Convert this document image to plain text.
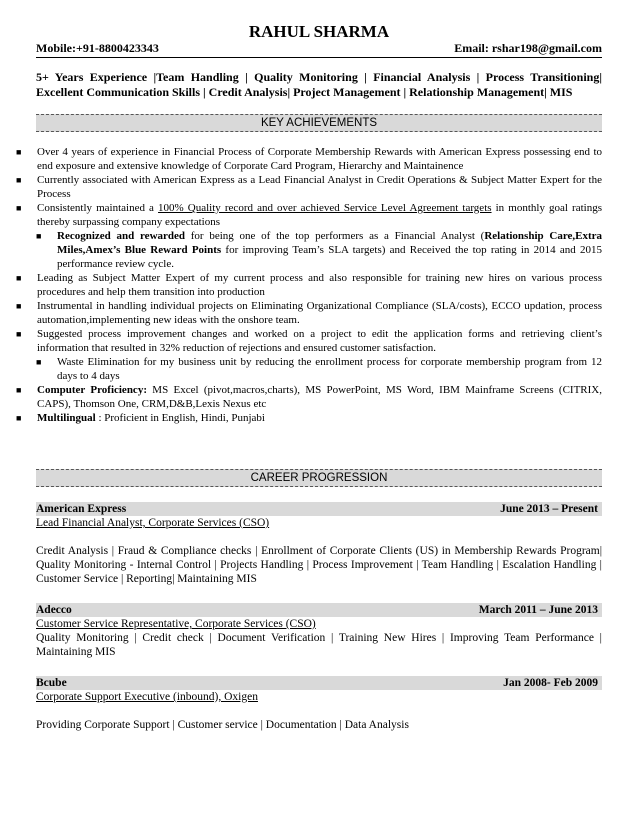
RAHUL SHARMA
Mobile:+91-8800423343	Email: rshar198@gmail.com
5+ Years Experience |Team Handling | Quality Monitoring | Financial Analysis | Process Transitioning| Excellent Communication Skills | Credit Analysis| Project Management | Relationship Management| MIS
KEY ACHIEVEMENTS
■ Over 4 years of experience in Financial Process of Corporate Membership Rewards with American Express possessing end to end exposure and extensive knowledge of Corporate Card Program, Hierarchy and Maintainence
■ Currently associated with American Express as a Lead Financial Analyst in Credit Operations & Subject Matter Expert for the Process
■ Consistently maintained a 100% Quality record and over achieved Service Level Agreement targets in monthly goal ratings thereby surpassing company expectations
■ Recognized and rewarded for being one of the top performers as a Financial Analyst (Relationship Care,Extra Miles,Amex’s Blue Reward Points for improving Team’s SLA targets) and Received the top rating in 2014 and 2015 performance review cycle.
■ Leading as Subject Matter Expert of my current process and also responsible for training new hires on various process procedures and help them transition into production
■ Instrumental in handling individual projects on Eliminating Organizational Compliance (SLA/costs), ECCO updation, process automation,implementing new ideas with the onshore team.
■ Suggested process improvement changes and worked on a project to edit the application forms and retrieving client’s information that resulted in 32% reduction of rejections and ensured customer satisfaction.
■ Waste Elimination for my business unit by reducing the enrollment process for corporate membership program from 12 days to 4 days
■ Computer Proficiency: MS Excel (pivot,macros,charts), MS PowerPoint, MS Word, IBM Mainframe Screens (CITRIX, CAPS), Thomson One, CRM,D&B,Lexis Nexus etc
■ Multilingual : Proficient in English, Hindi, Punjabi
CAREER PROGRESSION
American Express	June 2013 – Present
Lead Financial Analyst, Corporate Services (CSO)
Credit Analysis | Fraud & Compliance checks | Enrollment of Corporate Clients (US) in Membership Rewards Program| Quality Monitoring - Internal Control | Projects Handling | Process Improvement | Team Handling | Escalation Handling | Customer Service | Reporting| Maintaining MIS
Adecco	March 2011 – June 2013
Customer Service Representative, Corporate Services (CSO)
Quality Monitoring | Credit check | Document Verification | Training New Hires | Improving Team Performance | Maintaining MIS
Bcube	Jan 2008- Feb 2009
Corporate Support Executive (inbound), Oxigen
Providing Corporate Support | Customer service | Documentation | Data Analysis
